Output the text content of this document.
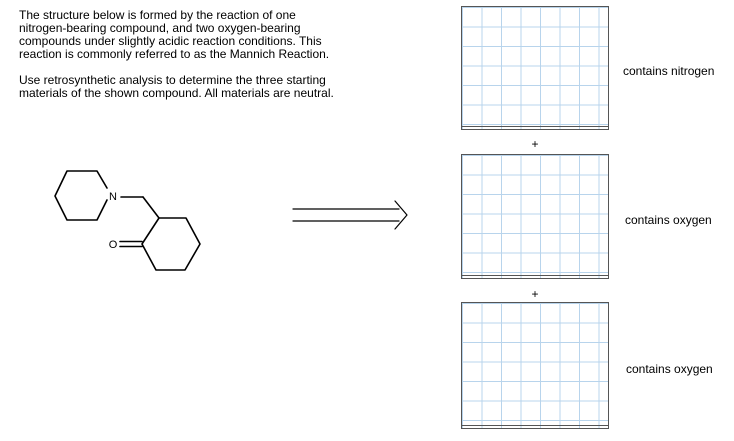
The structure below is formed by the reaction of one
nitrogen-bearing compound, and two oxygen-bearing
compounds under slightly acidic reaction conditions. This
reaction is commonly referred to as the Mannich Reaction.

Use retrosynthetic analysis to determine the three starting
materials of the shown compound. All materials are neutral.

N
O
contains nitrogen
+
contains oxygen
+
contains oxygen
